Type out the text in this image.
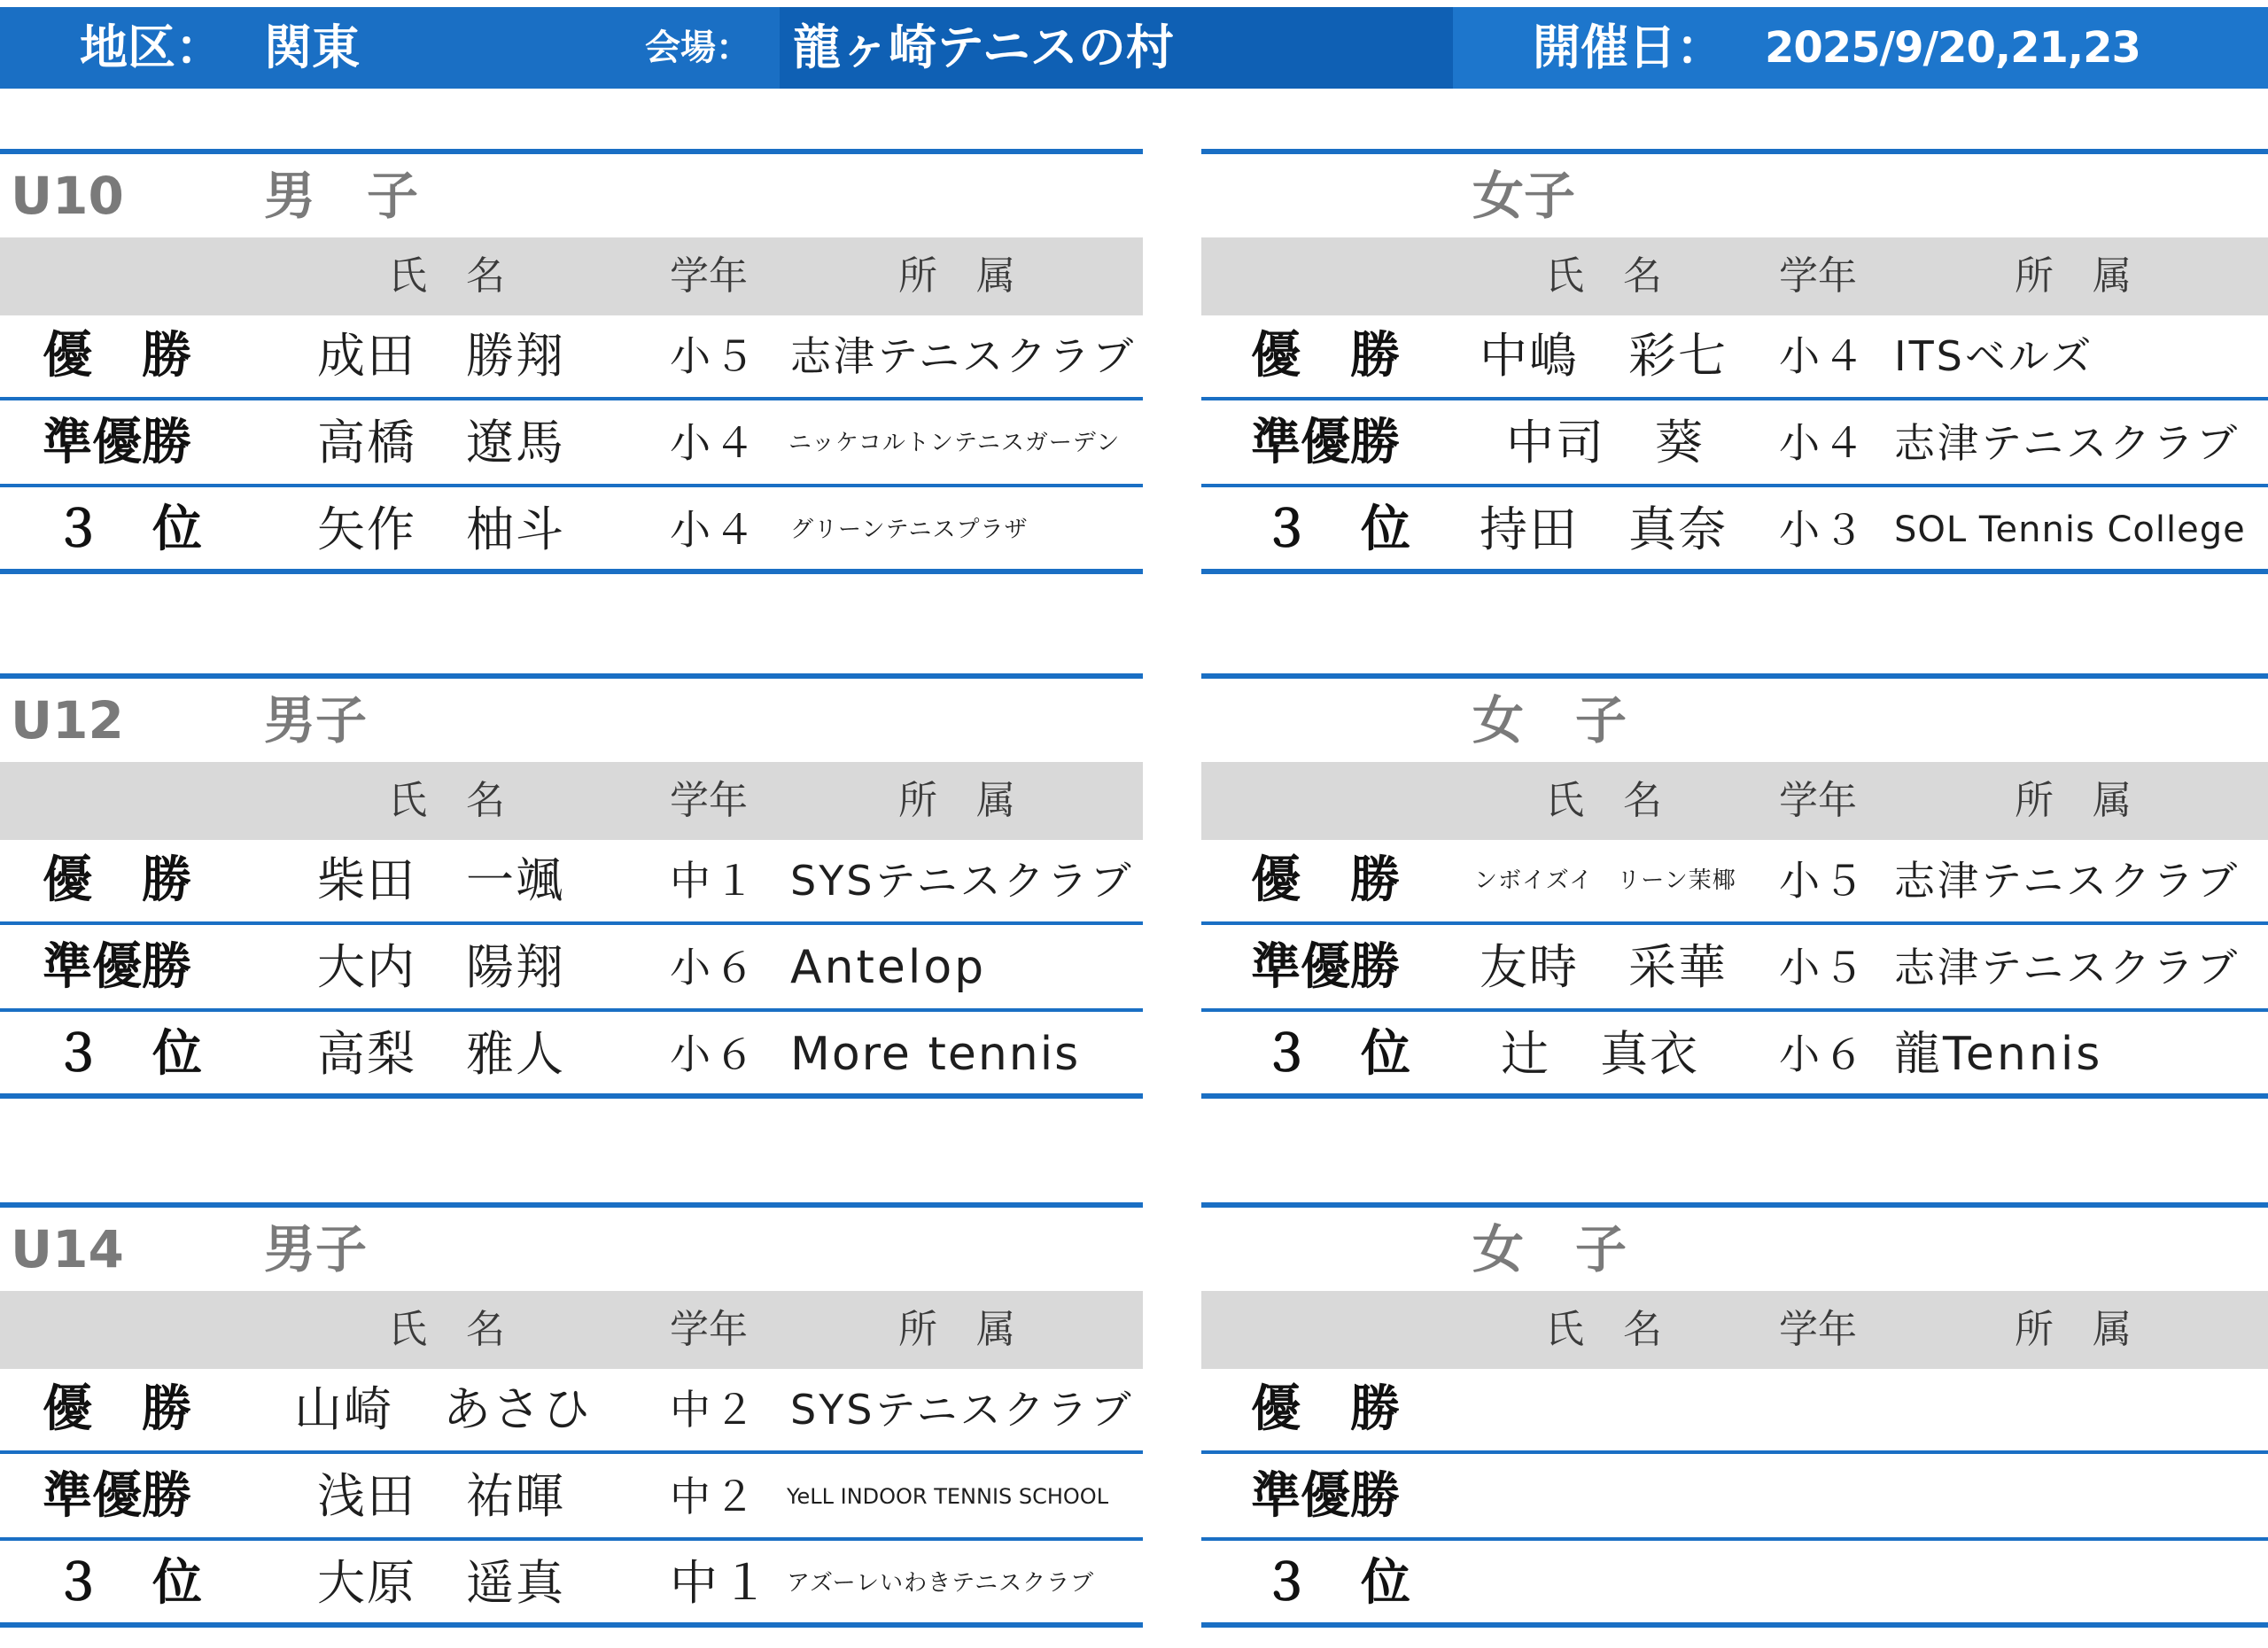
地区： 関東	会場： 龍ヶ崎テニスの村	開催日： 2025/9/20,21,23
U10	男　子
氏　名	学年	所　属
優　勝	成田　勝翔	小５ 志津テニスクラブ
準優勝	高橋　遼馬	小４ ニッケコルトンテニスガーデン
３　位 矢作　柚斗	小４ グリーンテニスプラザ
女子
氏　名	学年	所　属
優　勝 中嶋　彩七 小４ ITSベルズ
準優勝 中司　葵 小４ 志津テニスクラブ
３　位 持田　真奈 小３ SOL Tennis College
U12	男子
氏　名	学年	所　属
優　勝	柴田　一颯	中１ SYSテニスクラブ
準優勝	大内　陽翔	小６ Antelop
３　位 高梨　雅人	小６ More tennis
女　子
氏　名	学年	所　属
優　勝	ンボイズイ　リーン茉椰 小５ 志津テニスクラブ
準優勝 友時　采華 小５ 志津テニスクラブ
３　位 辻　真衣 小６ 龍Tennis
U14	男子
氏　名	学年	所　属
優　勝 山崎　あさひ 中２ SYSテニスクラブ
準優勝	浅田　祐暉	中２ YeLL INDOOR TENNIS SCHOOL
３　位 大原　遥真 中１ アズーレいわきテニスクラブ
女　子
氏　名	学年	所　属
優　勝
準優勝
３　位
